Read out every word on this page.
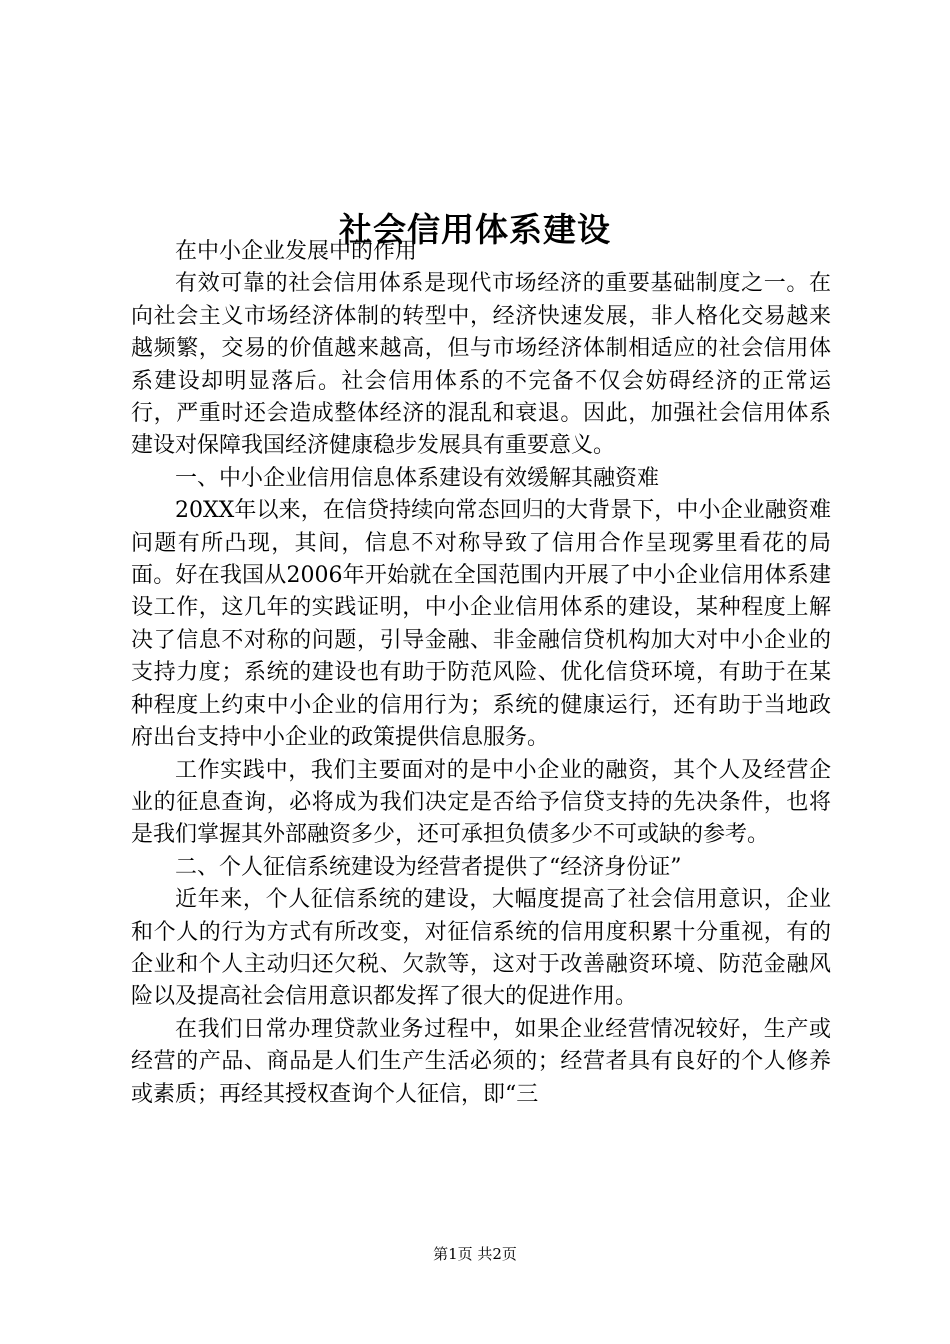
社会信用体系建设

在中小企业发展中的作用

有效可靠的社会信用体系是现代市场经济的重要基础制度之一。在向社会主义市场经济体制的转型中，经济快速发展，非人格化交易越来越频繁，交易的价值越来越高，但与市场经济体制相适应的社会信用体系建设却明显落后。社会信用体系的不完备不仅会妨碍经济的正常运行，严重时还会造成整体经济的混乱和衰退。因此，加强社会信用体系建设对保障我国经济健康稳步发展具有重要意义。

一、中小企业信用信息体系建设有效缓解其融资难

20XX年以来，在信贷持续向常态回归的大背景下，中小企业融资难问题有所凸现，其间，信息不对称导致了信用合作呈现雾里看花的局面。好在我国从2006年开始就在全国范围内开展了中小企业信用体系建设工作，这几年的实践证明，中小企业信用体系的建设，某种程度上解决了信息不对称的问题，引导金融、非金融信贷机构加大对中小企业的支持力度；系统的建设也有助于防范风险、优化信贷环境，有助于在某种程度上约束中小企业的信用行为；系统的健康运行，还有助于当地政府出台支持中小企业的政策提供信息服务。

工作实践中，我们主要面对的是中小企业的融资，其个人及经营企业的征息查询，必将成为我们决定是否给予信贷支持的先决条件，也将是我们掌握其外部融资多少，还可承担负债多少不可或缺的参考。

二、个人征信系统建设为经营者提供了“经济身份证”

近年来，个人征信系统的建设，大幅度提高了社会信用意识，企业和个人的行为方式有所改变，对征信系统的信用度积累十分重视，有的企业和个人主动归还欠税、欠款等，这对于改善融资环境、防范金融风险以及提高社会信用意识都发挥了很大的促进作用。

在我们日常办理贷款业务过程中，如果企业经营情况较好，生产或经营的产品、商品是人们生产生活必须的；经营者具有良好的个人修养或素质；再经其授权查询个人征信，即“三

第1页 共2页
